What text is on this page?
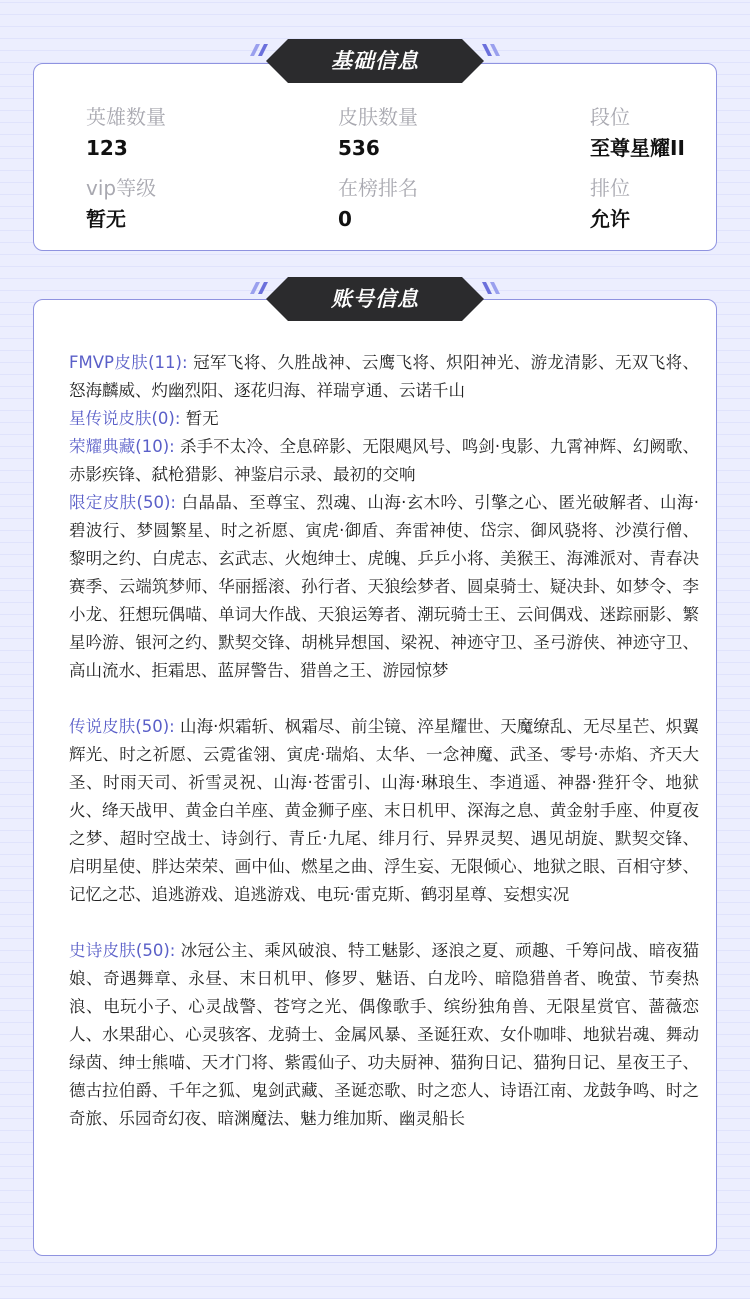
英雄数量
123
皮肤数量
536
段位
至尊星耀II
vip等级
暂无
在榜排名
0
排位
允许
基础信息

FMVP皮肤(11): 冠军飞将、久胜战神、云鹰飞将、炽阳神光、游龙清影、无双飞将、怒海麟威、灼幽烈阳、逐花归海、祥瑞亨通、云诺千山

星传说皮肤(0): 暂无

荣耀典藏(10): 杀手不太冷、全息碎影、无限飓风号、鸣剑·曳影、九霄神辉、幻阙歌、赤影疾锋、弑枪猎影、神鉴启示录、最初的交响

限定皮肤(50): 白晶晶、至尊宝、烈魂、山海·玄木吟、引擎之心、匿光破解者、山海·碧波行、梦圆繁星、时之祈愿、寅虎·御盾、奔雷神使、岱宗、御风骁将、沙漠行僧、黎明之约、白虎志、玄武志、火炮绅士、虎魄、乒乒小将、美猴王、海滩派对、青春决赛季、云端筑梦师、华丽摇滚、孙行者、天狼绘梦者、圆桌骑士、疑决卦、如梦令、李小龙、狂想玩偶喵、单词大作战、天狼运筹者、潮玩骑士王、云间偶戏、迷踪丽影、繁星吟游、银河之约、默契交锋、胡桃异想国、梁祝、神迹守卫、圣弓游侠、神迹守卫、高山流水、拒霜思、蓝屏警告、猎兽之王、游园惊梦

传说皮肤(50): 山海·炽霜斩、枫霜尽、前尘镜、淬星耀世、天魔缭乱、无尽星芒、炽翼辉光、时之祈愿、云霓雀翎、寅虎·瑞焰、太华、一念神魔、武圣、零号·赤焰、齐天大圣、时雨天司、祈雪灵祝、山海·苍雷引、山海·琳琅生、李逍遥、神器·狴犴令、地狱火、绛天战甲、黄金白羊座、黄金狮子座、末日机甲、深海之息、黄金射手座、仲夏夜之梦、超时空战士、诗剑行、青丘·九尾、绯月行、异界灵契、遇见胡旋、默契交锋、启明星使、胖达荣荣、画中仙、燃星之曲、浮生妄、无限倾心、地狱之眼、百相守梦、记忆之芯、追逃游戏、追逃游戏、电玩·雷克斯、鹤羽星尊、妄想实况

史诗皮肤(50): 冰冠公主、乘风破浪、特工魅影、逐浪之夏、顽趣、千筹问战、暗夜猫娘、奇遇舞章、永昼、末日机甲、修罗、魅语、白龙吟、暗隐猎兽者、晚萤、节奏热浪、电玩小子、心灵战警、苍穹之光、偶像歌手、缤纷独角兽、无限星赏官、蔷薇恋人、水果甜心、心灵骇客、龙骑士、金属风暴、圣诞狂欢、女仆咖啡、地狱岩魂、舞动绿茵、绅士熊喵、天才门将、紫霞仙子、功夫厨神、猫狗日记、猫狗日记、星夜王子、德古拉伯爵、千年之狐、鬼剑武藏、圣诞恋歌、时之恋人、诗语江南、龙鼓争鸣、时之奇旅、乐园奇幻夜、暗渊魔法、魅力维加斯、幽灵船长

账号信息
